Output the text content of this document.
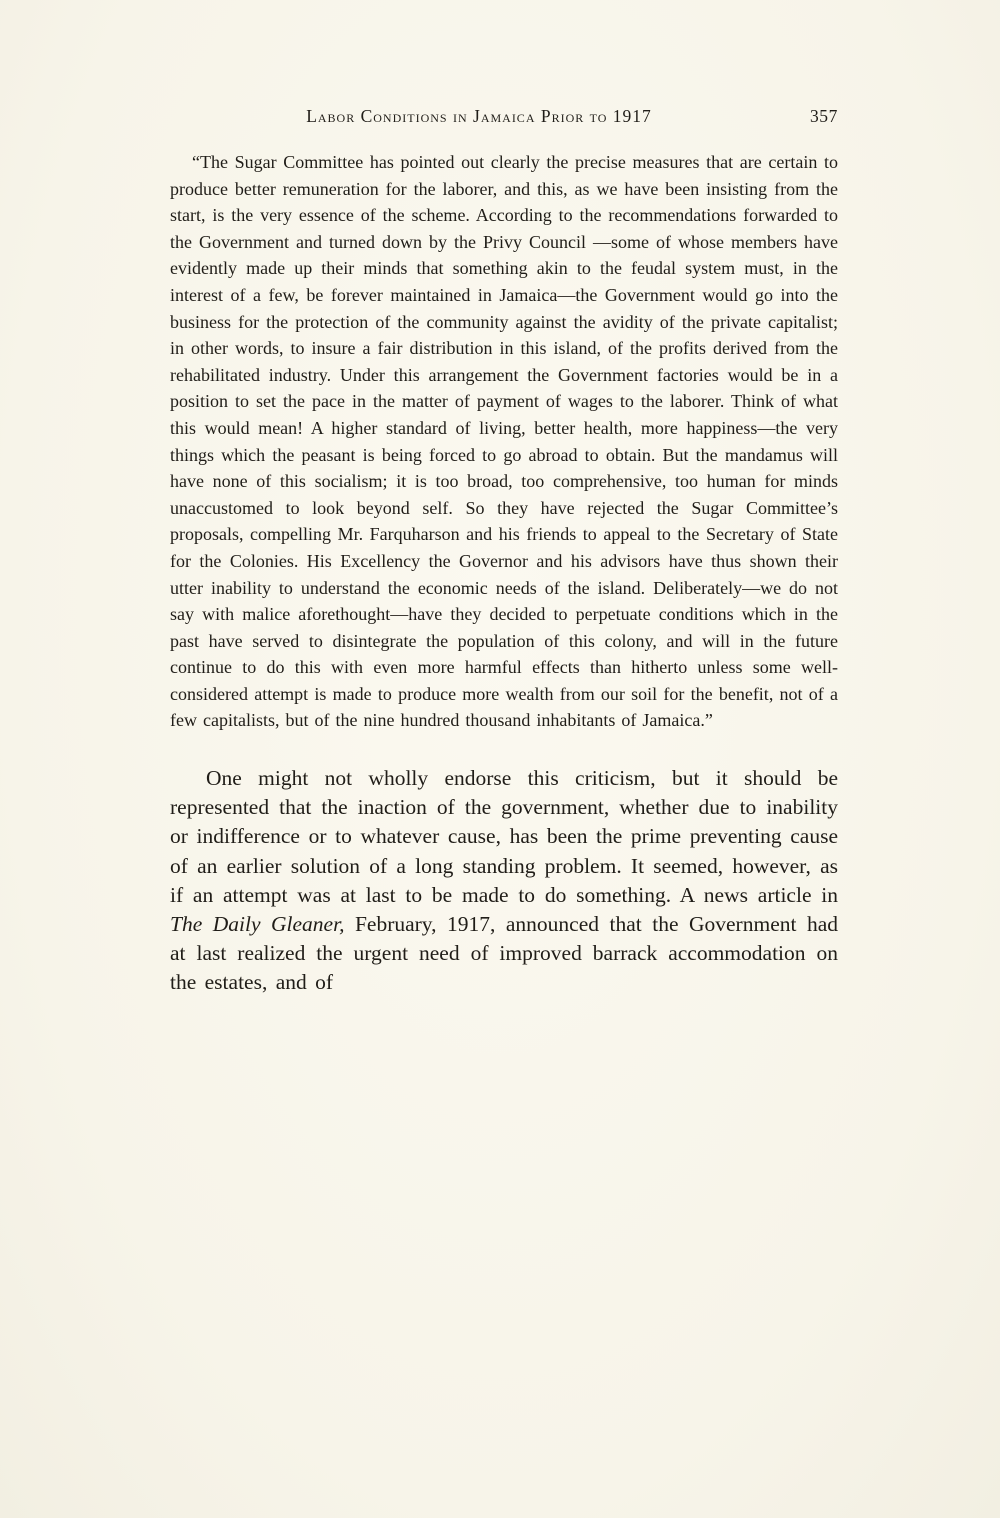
Labor Conditions in Jamaica Prior to 1917	357

“The Sugar Committee has pointed out clearly the precise measures that are certain to produce better remuneration for the laborer, and this, as we have been insisting from the start, is the very essence of the scheme. According to the recommendations forwarded to the Government and turned down by the Privy Council —some of whose members have evidently made up their minds that something akin to the feudal system must, in the interest of a few, be forever maintained in Jamaica—the Government would go into the business for the protection of the community against the avidity of the private capitalist; in other words, to insure a fair distribution in this island, of the profits derived from the rehabilitated industry. Under this arrangement the Government factories would be in a position to set the pace in the matter of payment of wages to the laborer. Think of what this would mean! A higher standard of living, better health, more happiness—the very things which the peasant is being forced to go abroad to obtain. But the mandamus will have none of this socialism; it is too broad, too comprehensive, too human for minds unaccustomed to look beyond self. So they have rejected the Sugar Committee’s proposals, compelling Mr. Farquharson and his friends to appeal to the Secretary of State for the Colonies. His Excellency the Governor and his advisors have thus shown their utter inability to understand the economic needs of the island. Deliberately—we do not say with malice aforethought—have they decided to perpetuate conditions which in the past have served to disintegrate the population of this colony, and will in the future continue to do this with even more harmful effects than hitherto unless some well-considered attempt is made to produce more wealth from our soil for the benefit, not of a few capitalists, but of the nine hundred thousand inhabitants of Jamaica.”

One might not wholly endorse this criticism, but it should be represented that the inaction of the government, whether due to inability or indifference or to whatever cause, has been the prime preventing cause of an earlier solution of a long standing problem. It seemed, however, as if an attempt was at last to be made to do something. A news article in The Daily Gleaner, February, 1917, announced that the Government had at last realized the urgent need of improved barrack accommodation on the estates, and of
